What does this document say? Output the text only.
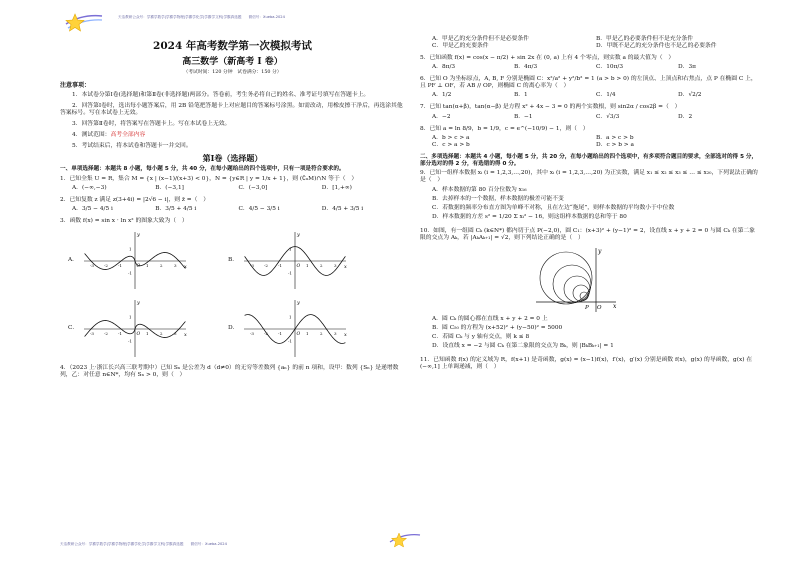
天洁教研公众号：学霸学数学|学霸学物理|学霸学化学|学霸学文科|学霸真选题　　微信号：Xueba-2024
2024 年高考数学第一次模拟考试
高三数学（新高考 I 卷）
（考试时间：120 分钟　试卷满分：150 分）
注意事项：

1．本试卷分第Ⅰ卷(选择题)和第Ⅱ卷(非选择题)两部分。答卷前，考生务必将自己的姓名、准考证号填写在答题卡上。

2．回答第Ⅰ卷时，选出每小题答案后，用 2B 铅笔把答题卡上对应题目的答案标号涂黑。如需改动，用橡皮擦干净后，再选涂其他答案标号。写在本试卷上无效。

3．回答第Ⅱ卷时，将答案写在答题卡上。写在本试卷上无效。

4．测试范围：高考全部内容

5．考试结束后，将本试卷和答题卡一并交回。

第Ⅰ卷（选择题）
一、单项选择题：本题共 8 小题，每小题 5 分，共 40 分，在每小题给出的四个选项中，只有一项是符合要求的。
1．已知全集 U = R，集合 M = {x | (x−1)/(x+3) < 0}，N = {y∈R | y = 1/x + 1}，则 (∁ᵤM)∩N 等于（　）
A．(−∞,−3)	B．(−3,1]	C．(−3,0]	D．[1,+∞)
2．已知复数 z 满足 z(3+4i) = |2√6 − i|，则 z̄ =（　）
A．3/5 − 4/5 i	B．3/5 + 4/5 i	C．4/5 − 3/5 i	D．4/5 + 3/5 i
3．函数 f(x) = sin x · ln x² 的图象大致为（　）
A．
x
y
O
-3	-2	-1	1	2	3
1
-1
B．
x
y
O
-3	-2	-1	1	2	3
1
-1
C．
x
y
O
-3	-2	-1	1	2	3
1
-1
D．
x
y
O
-3	-2	-1	1	2	3
1
-1
4．（2023 上·浙江长兴高三联考期中）已知 Sₙ 是公差为 d（d≠0）的无穷等差数列 {aₙ} 的前 n 项和，设甲：数列 {Sₙ} 是递增数列，乙：对任意 n∈N*，均有 Sₙ > 0，则（　）
A．甲是乙的充分条件但不是必要条件	B．甲是乙的必要条件但不是充分条件
C．甲是乙的充要条件	D．甲既不是乙的充分条件也不是乙的必要条件
5．已知函数 f(x) = cos(x − π/2) + sin 2x 在 (0, a) 上有 4 个零点，则实数 a 的最大值为（　）
A．8π/3	B．4π/3	C．10π/3	D．3π
6．已知 O 为坐标原点，A, B, F 分别是椭圆 C：x²/a² + y²/b² = 1 (a > b > 0) 的左顶点、上顶点和右焦点，点 P 在椭圆 C 上，且 PF ⊥ OF，若 AB // OP，则椭圆 C 的离心率为（　）
A．1/2	B．1	C．1/4	D．√2/2
7．已知 tan(α+β)，tan(α−β) 是方程 x² + 4x − 3 = 0 的两个实数根，则 sin2α / cos2β =（　）
A．−2	B．−1	C．√3/3	D．2
8．已知 a = ln 8/9，b = 1/9，c = e^(−10/9) − 1，则（　）
A．b > c > a	B．a > c > b
C．c > a > b	D．c > b > a
二、多项选择题：本题共 4 小题，每小题 5 分，共 20 分，在每小题给出的四个选项中，有多项符合题目的要求，全部选对的得 5 分，部分选对的得 2 分，有选错的得 0 分。
9．已知一组样本数据 xᵢ (i = 1,2,3,…,20)，其中 xᵢ (i = 1,2,3,…,20) 为正实数，满足 x₁ ≤ x₂ ≤ x₃ ≤ … ≤ x₂₀，下列说法正确的是（　）
A．样本数据的第 80 百分位数为 x₁₆
B．去掉样本的一个数据，样本数据的极差可能不变
C．若数据的频率分布直方图为单峰不对称，且在左边“拖尾”，则样本数据的平均数小于中位数
D．样本数据的方差 s² = 1/20 Σ xᵢ² − 16，则这组样本数据的总和等于 80
10．如图，有一组圆 Cₖ (k∈N*) 都内切于点 P(−2,0)，圆 C₁：(x+3)² + (y−1)² = 2，设直线 x + y + 2 = 0 与圆 Cₖ 在第二象限的交点为 Aₖ，若 |AₖAₖ₊₁| = √2，则下列结论正确的是（　）
y
x
P O
A．圆 Cₖ 的圆心都在直线 x + y + 2 = 0 上
B．圆 C₅₀ 的方程为 (x+52)² + (y−50)² = 5000
C．若圆 Cₖ 与 y 轴有交点，则 k ≤ 8
D．设直线 x = −2 与圆 Cₖ 在第二象限的交点为 Bₖ，则 |BₖBₖ₊₁| = 1
11．已知函数 f(x) 的定义域为 R，f(x+1) 是奇函数，g(x) = (x−1)f(x)，f′(x)，g′(x) 分别是函数 f(x)，g(x) 的导函数，g(x) 在 (−∞,1] 上单调递减，则（　）
天洁教研公众号：学霸学数学|学霸学物理|学霸学化学|学霸学文科|学霸真选题　　微信号：Xueba-2024
